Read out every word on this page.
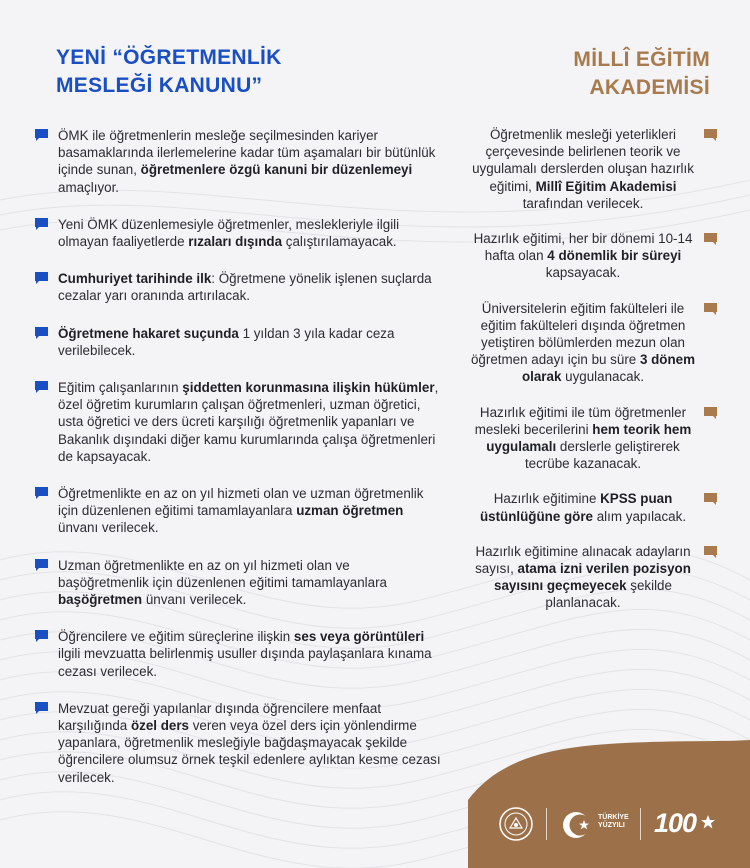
YENİ “ÖĞRETMENLİK
MESLEĞİ KANUNU”

ÖMK ile öğretmenlerin mesleğe seçilmesinden kariyer basamaklarında ilerlemelerine kadar tüm aşamaları bir bütünlük içinde sunan, öğretmenlere özgü kanuni bir düzenlemeyi amaçlıyor.

Yeni ÖMK düzenlemesiyle öğretmenler, meslekleriyle ilgili olmayan faaliyetlerde rızaları dışında çalıştırılamayacak.

Cumhuriyet tarihinde ilk: Öğretmene yönelik işlenen suçlarda cezalar yarı oranında artırılacak.

Öğretmene hakaret suçunda 1 yıldan 3 yıla kadar ceza verilebilecek.

Eğitim çalışanlarının şiddetten korunmasına ilişkin hükümler, özel öğretim kurumların çalışan öğretmenleri, uzman öğretici, usta öğretici ve ders ücreti karşılığı öğretmenlik yapanları ve Bakanlık dışındaki diğer kamu kurumlarında çalışa öğretmenleri de kapsayacak.

Öğretmenlikte en az on yıl hizmeti olan ve uzman öğretmenlik için düzenlenen eğitimi tamamlayanlara uzman öğretmen ünvanı verilecek.

Uzman öğretmenlikte en az on yıl hizmeti olan ve başöğretmenlik için düzenlenen eğitimi tamamlayanlara başöğretmen ünvanı verilecek.

Öğrencilere ve eğitim süreçlerine ilişkin ses veya görüntüleri ilgili mevzuatta belirlenmiş usuller dışında paylaşanlara kınama cezası verilecek.

Mevzuat gereği yapılanlar dışında öğrencilere menfaat karşılığında özel ders veren veya özel ders için yönlendirme yapanlara, öğretmenlik mesleğiyle bağdaşmayacak şekilde öğrencilere olumsuz örnek teşkil edenlere aylıktan kesme cezası verilecek.

MİLLÎ EĞİTİM
AKADEMİSİ

Öğretmenlik mesleği yeterlikleri çerçevesinde belirlenen teorik ve uygulamalı derslerden oluşan hazırlık eğitimi, Millî Eğitim Akademisi tarafından verilecek.

Hazırlık eğitimi, her bir dönemi 10-14 hafta olan 4 dönemlik bir süreyi kapsayacak.

Üniversitelerin eğitim fakülteleri ile eğitim fakülteleri dışında öğretmen yetiştiren bölümlerden mezun olan öğretmen adayı için bu süre 3 dönem olarak uygulanacak.

Hazırlık eğitimi ile tüm öğretmenler mesleki becerilerini hem teorik hem uygulamalı derslerle geliştirerek tecrübe kazanacak.

Hazırlık eğitimine KPSS puan üstünlüğüne göre alım yapılacak.

Hazırlık eğitimine alınacak adayların sayısı, atama izni verilen pozisyon sayısını geçmeyecek şekilde planlanacak.

TÜRKİYE
YÜZYILI 100
